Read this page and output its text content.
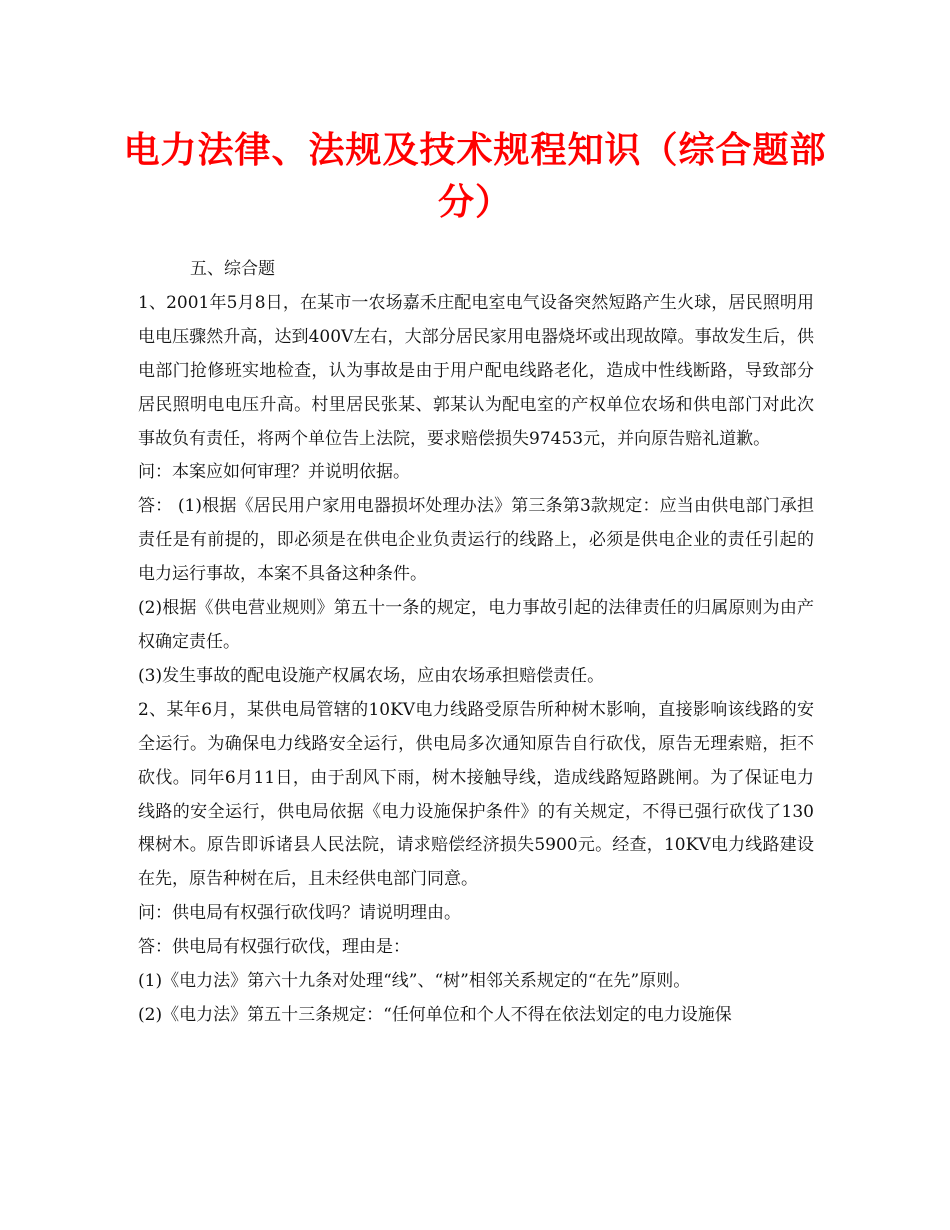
电力法律、法规及技术规程知识（综合题部分）

五、综合题

1、2001年5月8日，在某市一农场嘉禾庄配电室电气设备突然短路产生火球，居民照明用电电压骤然升高，达到400V左右，大部分居民家用电器烧坏或出现故障。事故发生后，供电部门抢修班实地检查，认为事故是由于用户配电线路老化，造成中性线断路，导致部分居民照明电电压升高。村里居民张某、郭某认为配电室的产权单位农场和供电部门对此次事故负有责任，将两个单位告上法院，要求赔偿损失97453元，并向原告赔礼道歉。

问：本案应如何审理？并说明依据。

答： (1)根据《居民用户家用电器损坏处理办法》第三条第3款规定：应当由供电部门承担责任是有前提的，即必须是在供电企业负责运行的线路上，必须是供电企业的责任引起的电力运行事故，本案不具备这种条件。

(2)根据《供电营业规则》第五十一条的规定，电力事故引起的法律责任的归属原则为由产权确定责任。

(3)发生事故的配电设施产权属农场，应由农场承担赔偿责任。

2、某年6月，某供电局管辖的10KV电力线路受原告所种树木影响，直接影响该线路的安全运行。为确保电力线路安全运行，供电局多次通知原告自行砍伐，原告无理索赔，拒不砍伐。同年6月11日，由于刮风下雨，树木接触导线，造成线路短路跳闸。为了保证电力线路的安全运行，供电局依据《电力设施保护条件》的有关规定，不得已强行砍伐了130棵树木。原告即诉诸县人民法院，请求赔偿经济损失5900元。经查，10KV电力线路建设在先，原告种树在后，且未经供电部门同意。

问：供电局有权强行砍伐吗？请说明理由。

答：供电局有权强行砍伐，理由是：

(1)《电力法》第六十九条对处理“线”、“树”相邻关系规定的“在先”原则。

(2)《电力法》第五十三条规定：“任何单位和个人不得在依法划定的电力设施保
